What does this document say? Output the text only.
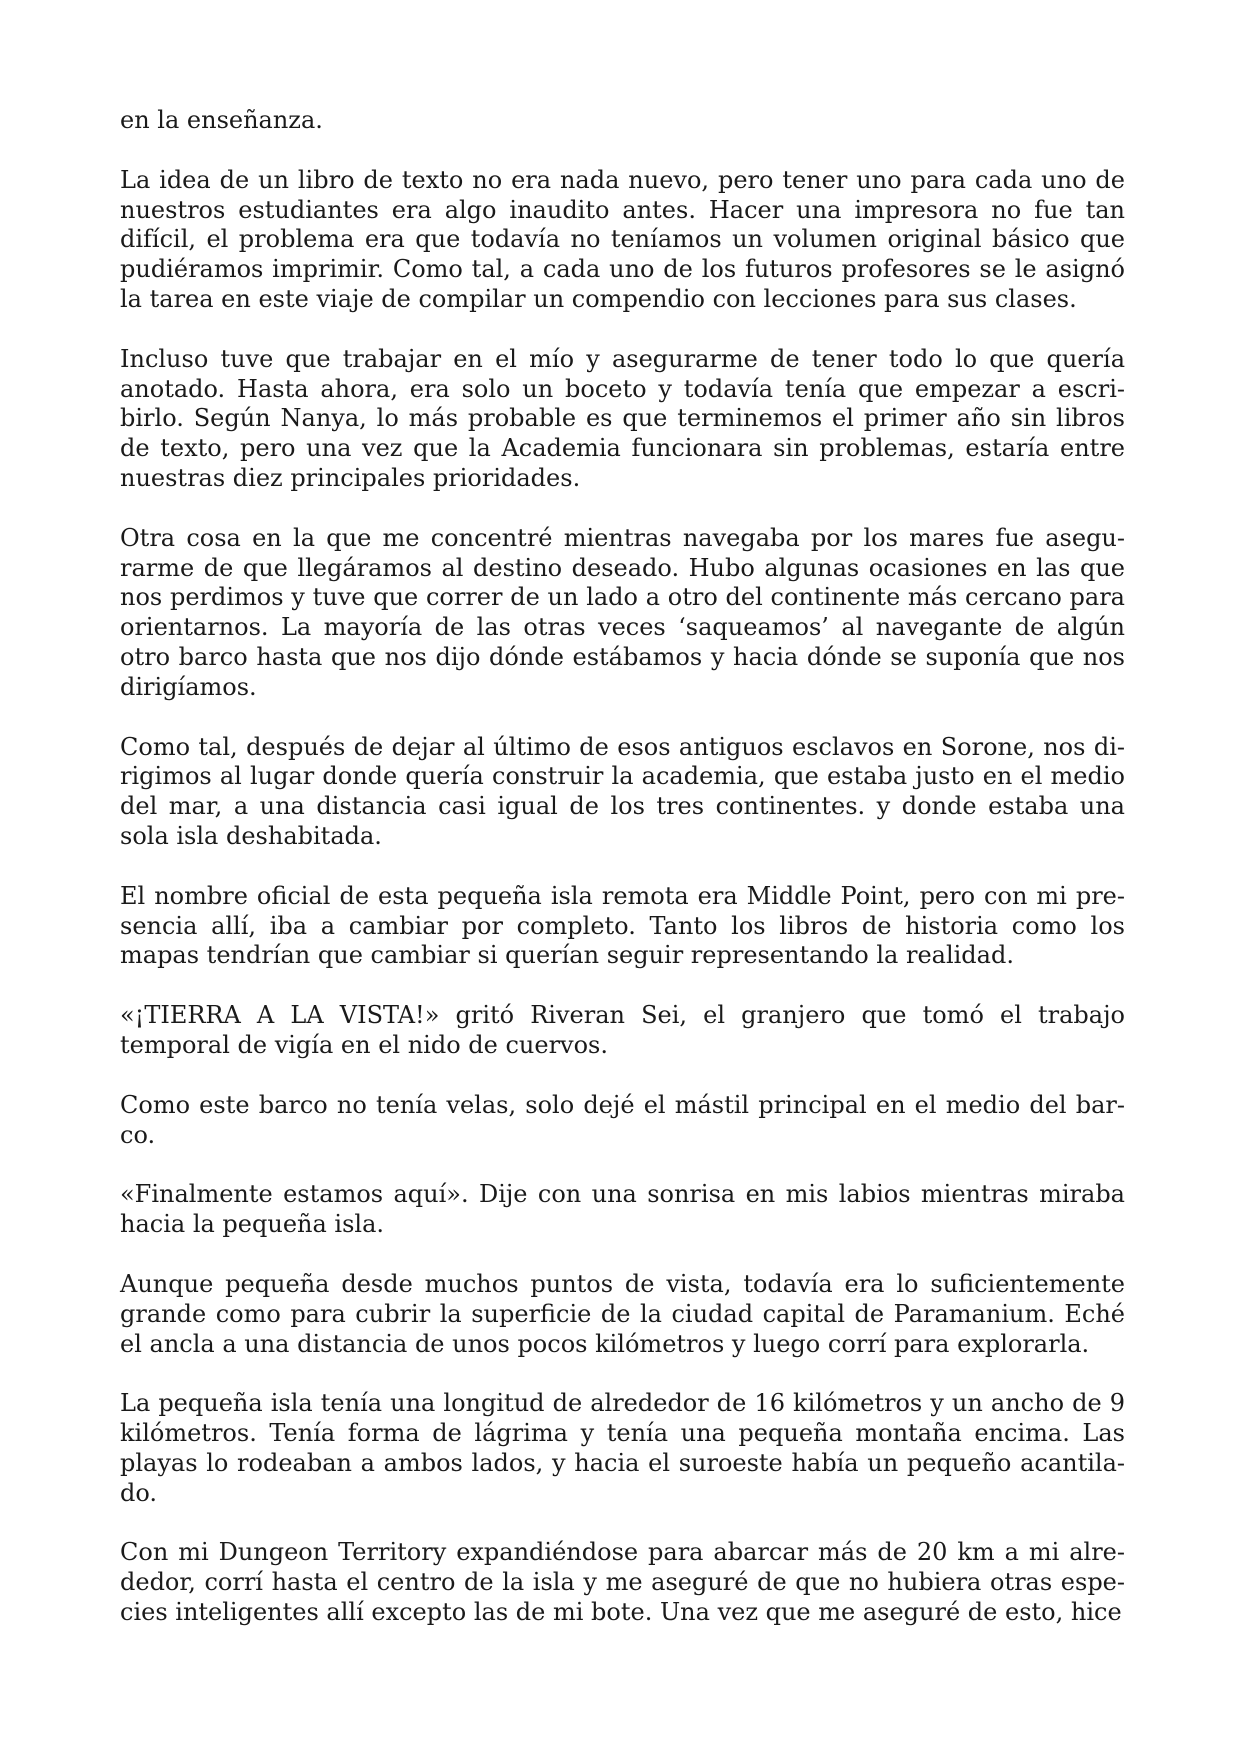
en la enseñanza.

La idea de un libro de texto no era nada nuevo, pero tener uno para cada uno de nuestros estudiantes era algo inaudito antes. Hacer una impresora no fue tan difícil, el problema era que todavía no teníamos un volumen original básico que pudiéramos imprimir. Como tal, a cada uno de los futuros profesores se le asignó la tarea en este viaje de compilar un compendio con lecciones para sus clases.

Incluso tuve que trabajar en el mío y asegurarme de tener todo lo que quería anotado. Hasta ahora, era solo un boceto y todavía tenía que empezar a escribirlo. Según Nanya, lo más probable es que terminemos el primer año sin libros de texto, pero una vez que la Academia funcionara sin problemas, estaría entre nuestras diez principales prioridades.

Otra cosa en la que me concentré mientras navegaba por los mares fue asegurarme de que llegáramos al destino deseado. Hubo algunas ocasiones en las que nos perdimos y tuve que correr de un lado a otro del continente más cercano para orientarnos. La mayoría de las otras veces ‘saqueamos’ al navegante de algún otro barco hasta que nos dijo dónde estábamos y hacia dónde se suponía que nos dirigíamos.

Como tal, después de dejar al último de esos antiguos esclavos en Sorone, nos dirigimos al lugar donde quería construir la academia, que estaba justo en el medio del mar, a una distancia casi igual de los tres continentes. y donde estaba una sola isla deshabitada.

El nombre oficial de esta pequeña isla remota era Middle Point, pero con mi presencia allí, iba a cambiar por completo. Tanto los libros de historia como los mapas tendrían que cambiar si querían seguir representando la realidad.

«¡TIERRA A LA VISTA!» gritó Riveran Sei, el granjero que tomó el trabajo temporal de vigía en el nido de cuervos.

Como este barco no tenía velas, solo dejé el mástil principal en el medio del barco.

«Finalmente estamos aquí». Dije con una sonrisa en mis labios mientras miraba hacia la pequeña isla.

Aunque pequeña desde muchos puntos de vista, todavía era lo suficientemente grande como para cubrir la superficie de la ciudad capital de Paramanium. Eché el ancla a una distancia de unos pocos kilómetros y luego corrí para explorarla.

La pequeña isla tenía una longitud de alrededor de 16 kilómetros y un ancho de 9 kilómetros. Tenía forma de lágrima y tenía una pequeña montaña encima. Las playas lo rodeaban a ambos lados, y hacia el suroeste había un pequeño acantilado.

Con mi Dungeon Territory expandiéndose para abarcar más de 20 km a mi alrededor, corrí hasta el centro de la isla y me aseguré de que no hubiera otras especies inteligentes allí excepto las de mi bote. Una vez que me aseguré de esto, hice
